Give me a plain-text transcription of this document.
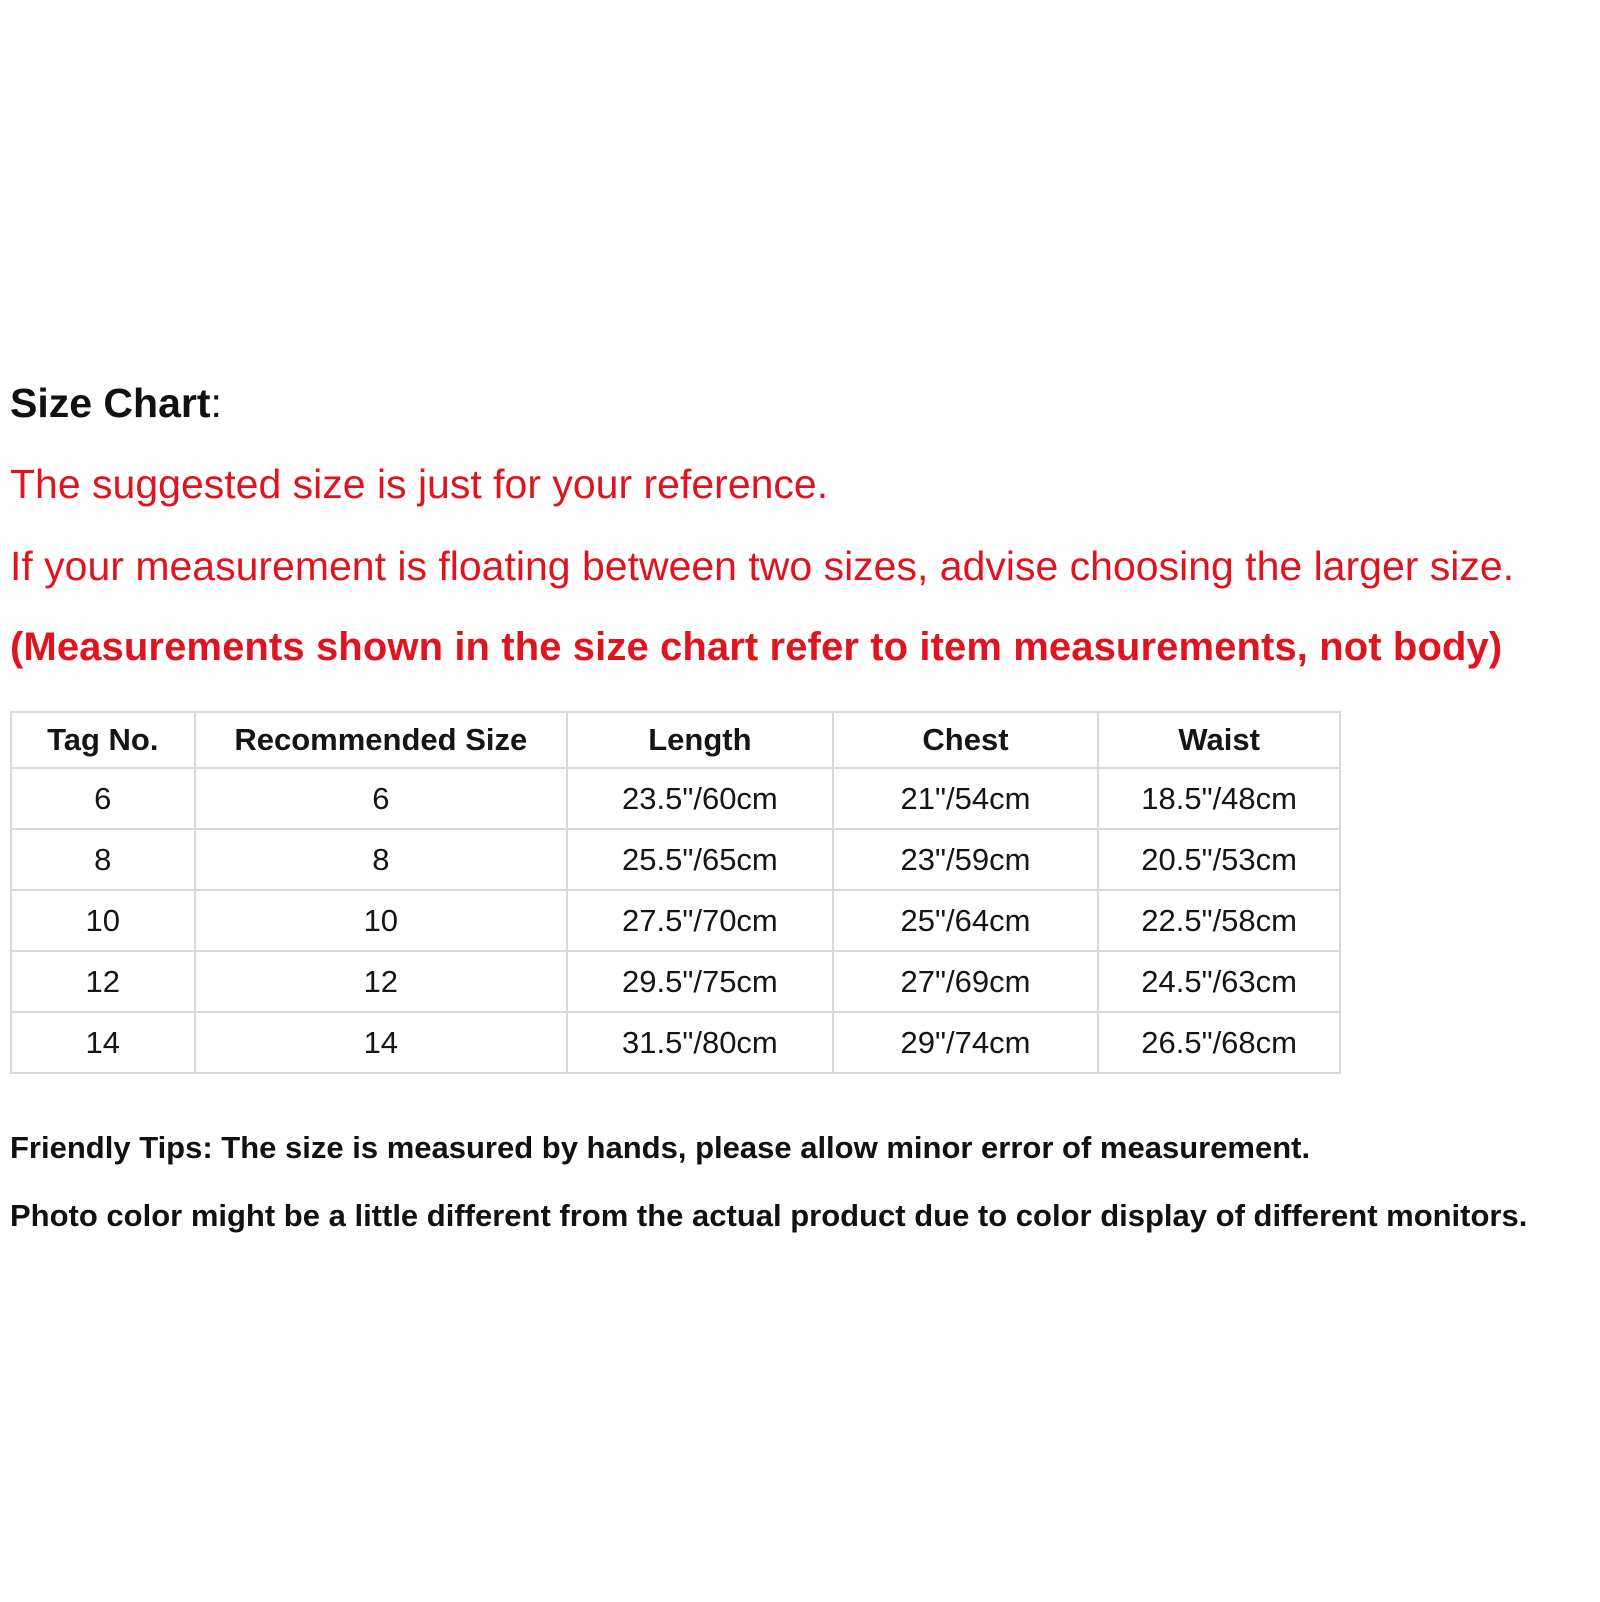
Size Chart:

The suggested size is just for your reference.

If your measurement is floating between two sizes, advise choosing the larger size.

(Measurements shown in the size chart refer to item measurements, not body)

Tag No.	Recommended Size	Length	Chest	Waist
6	6	23.5"/60cm	21"/54cm	18.5"/48cm
8	8	25.5"/65cm	23"/59cm	20.5"/53cm
10	10	27.5"/70cm	25"/64cm	22.5"/58cm
12	12	29.5"/75cm	27"/69cm	24.5"/63cm
14	14	31.5"/80cm	29"/74cm	26.5"/68cm

Friendly Tips: The size is measured by hands, please allow minor error of measurement.

Photo color might be a little different from the actual product due to color display of different monitors.
